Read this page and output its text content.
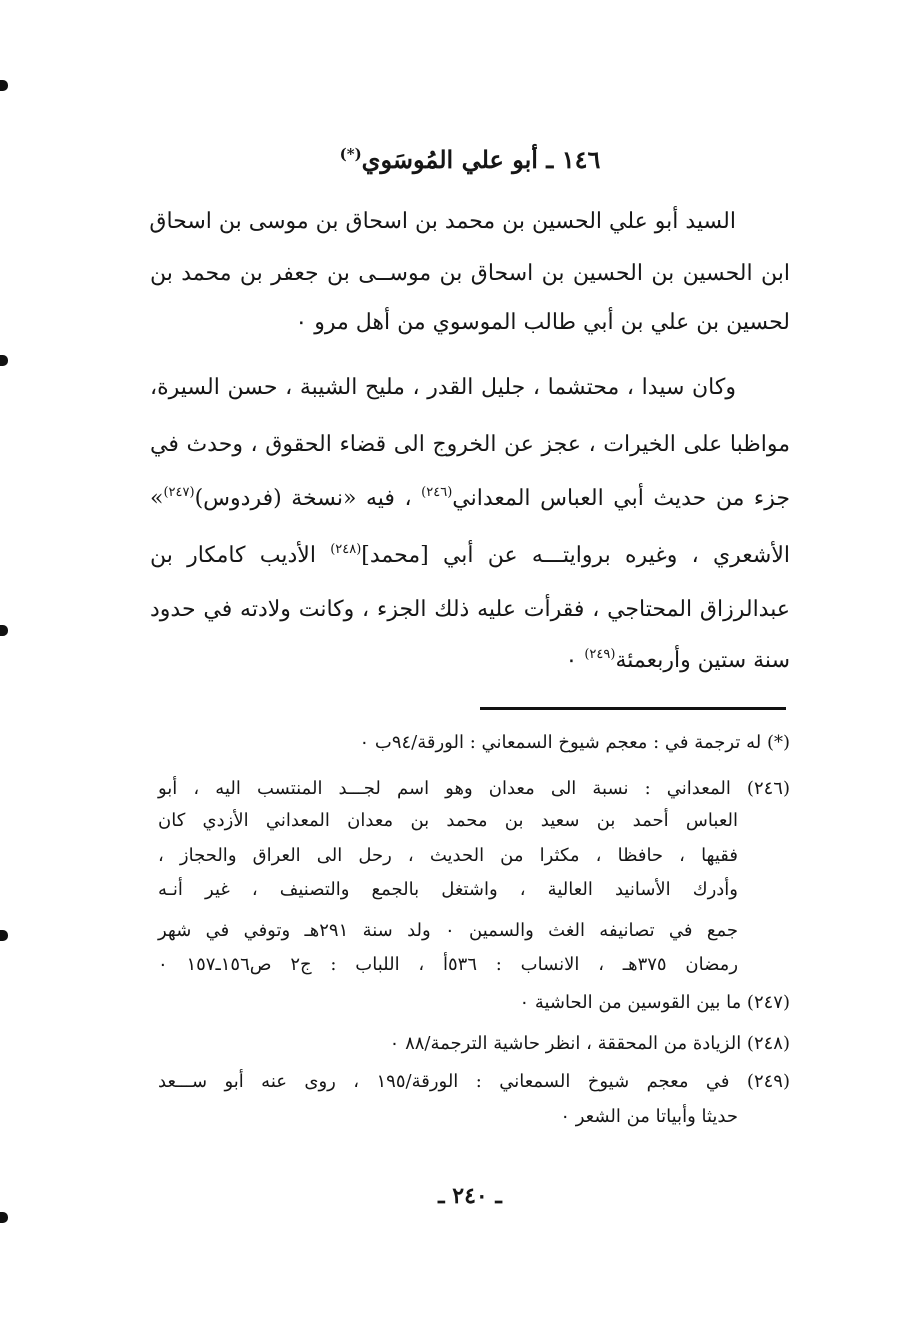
١٤٦ ـ أبو علي المُوسَوي(*)
السيد أبو علي الحسين بن محمد بن اسحاق بن موسى بن اسحاق
ابن الحسين بن الحسين بن اسحاق بن موســى بن جعفر بن محمد بن
لحسين بن علي بن أبي طالب الموسوي من أهل مرو ٠
وكان سيدا ، محتشما ، جليل القدر ، مليح الشيبة ، حسن السيرة،
مواظبا على الخيرات ، عجز عن الخروج الى قضاء الحقوق ، وحدث في
جزء من حديث أبي العباس المعداني$^{(٢٤٦)}$ ، فيه «نسخة (فردوس)$^{(٢٤٧)}$»
الأشعري ، وغيره بروايتـــه عن أبي [محمد]$^{(٢٤٨)}$ الأديب كامكار بن
عبدالرزاق المحتاجي ، فقرأت عليه ذلك الجزء ، وكانت ولادته في حدود
سنة ستين وأربعمئة$^{(٢٤٩)}$ ٠
(*) له ترجمة في : معجم شيوخ السمعاني : الورقة/٩٤ب ٠
(٢٤٦) المعداني : نسبة الى معدان وهو اسم لجـــد المنتسب اليه ، أبو
العباس أحمد بن سعيد بن محمد بن معدان المعداني الأزدي كان
فقيها ، حافظا ، مكثرا من الحديث ، رحل الى العراق والحجاز ،
وأدرك الأسانيد العالية ، واشتغل بالجمع والتصنيف ، غير أنـه
جمع في تصانيفه الغث والسمين ٠ ولد سنة ٢٩١هـ وتوفي في شهر
رمضان ٣٧٥هـ ، الانساب : ٥٣٦أ ، اللباب : ج٢ ص١٥٦ـ١٥٧ ٠
(٢٤٧) ما بين القوسين من الحاشية ٠
(٢٤٨) الزيادة من المحققة ، انظر حاشية الترجمة/٨٨ ٠
(٢٤٩) في معجم شيوخ السمعاني : الورقة/١٩٥ ، روى عنه أبو ســـعد
حديثا وأبياتا من الشعر ٠
ـ ٢٤٠ ـ
